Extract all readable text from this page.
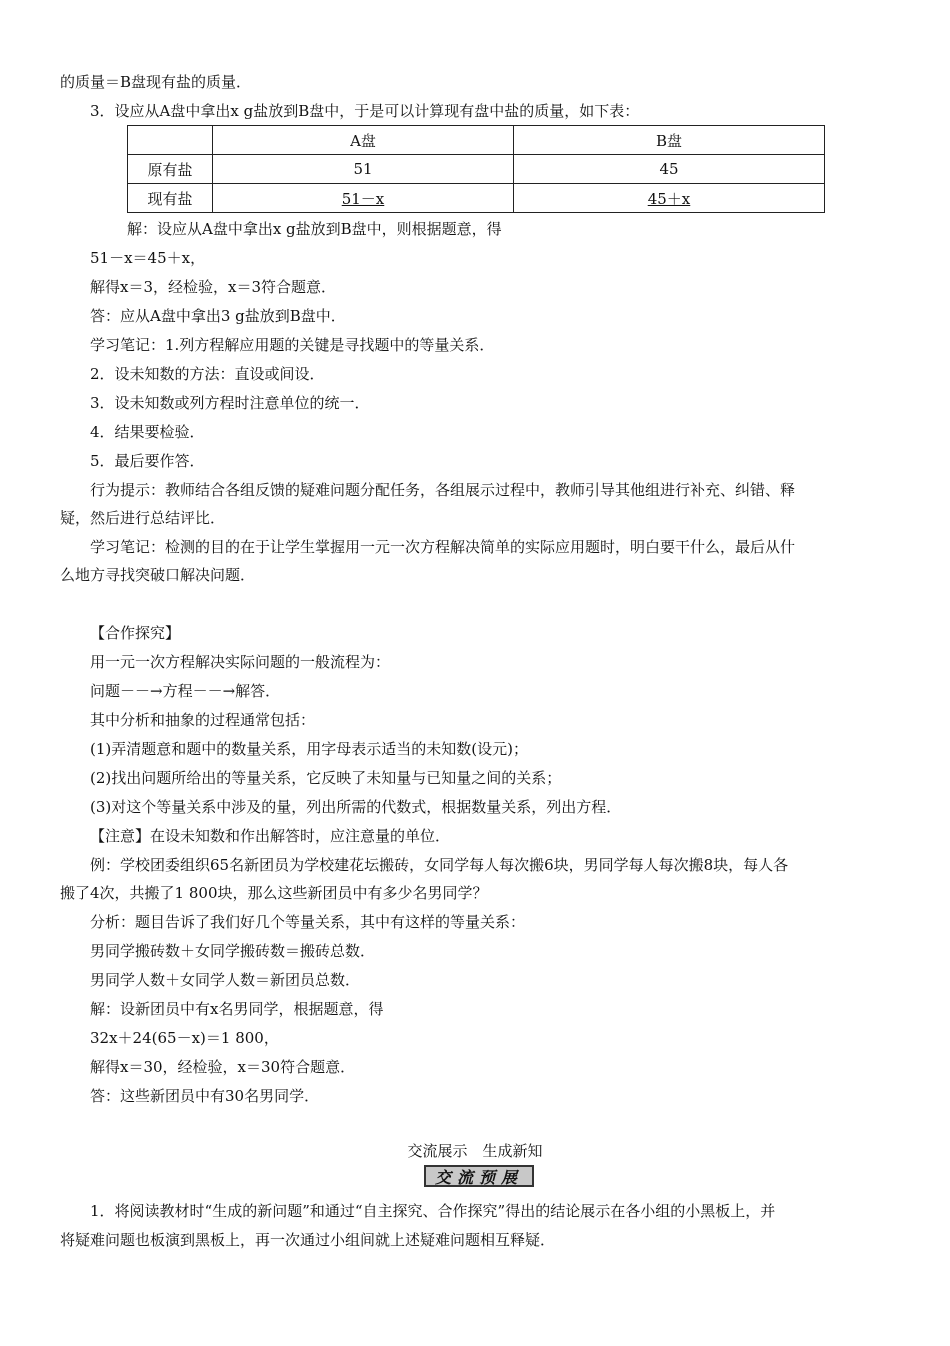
的质量＝B盘现有盐的质量．
3．设应从A盘中拿出x g盐放到B盘中，于是可以计算现有盘中盐的质量，如下表：
	A盘	B盘
原有盐	51	45
现有盐	51－x	45＋x
解：设应从A盘中拿出x g盐放到B盘中，则根据题意，得
51－x＝45＋x，
解得x＝3，经检验，x＝3符合题意．
答：应从A盘中拿出3 g盐放到B盘中．
学习笔记：1.列方程解应用题的关键是寻找题中的等量关系．
2．设未知数的方法：直设或间设．
3．设未知数或列方程时注意单位的统一．
4．结果要检验．
5．最后要作答．
行为提示：教师结合各组反馈的疑难问题分配任务，各组展示过程中，教师引导其他组进行补充、纠错、释
疑，然后进行总结评比．
学习笔记：检测的目的在于让学生掌握用一元一次方程解决简单的实际应用题时，明白要干什么，最后从什
么地方寻找突破口解决问题．
【合作探究】
用一元一次方程解决实际问题的一般流程为：
问题－－→方程－－→解答．
其中分析和抽象的过程通常包括：
(1)弄清题意和题中的数量关系，用字母表示适当的未知数(设元)；
(2)找出问题所给出的等量关系，它反映了未知量与已知量之间的关系；
(3)对这个等量关系中涉及的量，列出所需的代数式，根据数量关系，列出方程．
【注意】在设未知数和作出解答时，应注意量的单位．
例：学校团委组织65名新团员为学校建花坛搬砖，女同学每人每次搬6块，男同学每人每次搬8块，每人各
搬了4次，共搬了1 800块，那么这些新团员中有多少名男同学？
分析：题目告诉了我们好几个等量关系，其中有这样的等量关系：
男同学搬砖数＋女同学搬砖数＝搬砖总数．
男同学人数＋女同学人数＝新团员总数．
解：设新团员中有x名男同学，根据题意，得
32x＋24(65－x)＝1 800，
解得x＝30，经检验，x＝30符合题意．
答：这些新团员中有30名男同学．
交流展示　生成新知
交流预展
1．将阅读教材时“生成的新问题”和通过“自主探究、合作探究”得出的结论展示在各小组的小黑板上，并
将疑难问题也板演到黑板上，再一次通过小组间就上述疑难问题相互释疑．
